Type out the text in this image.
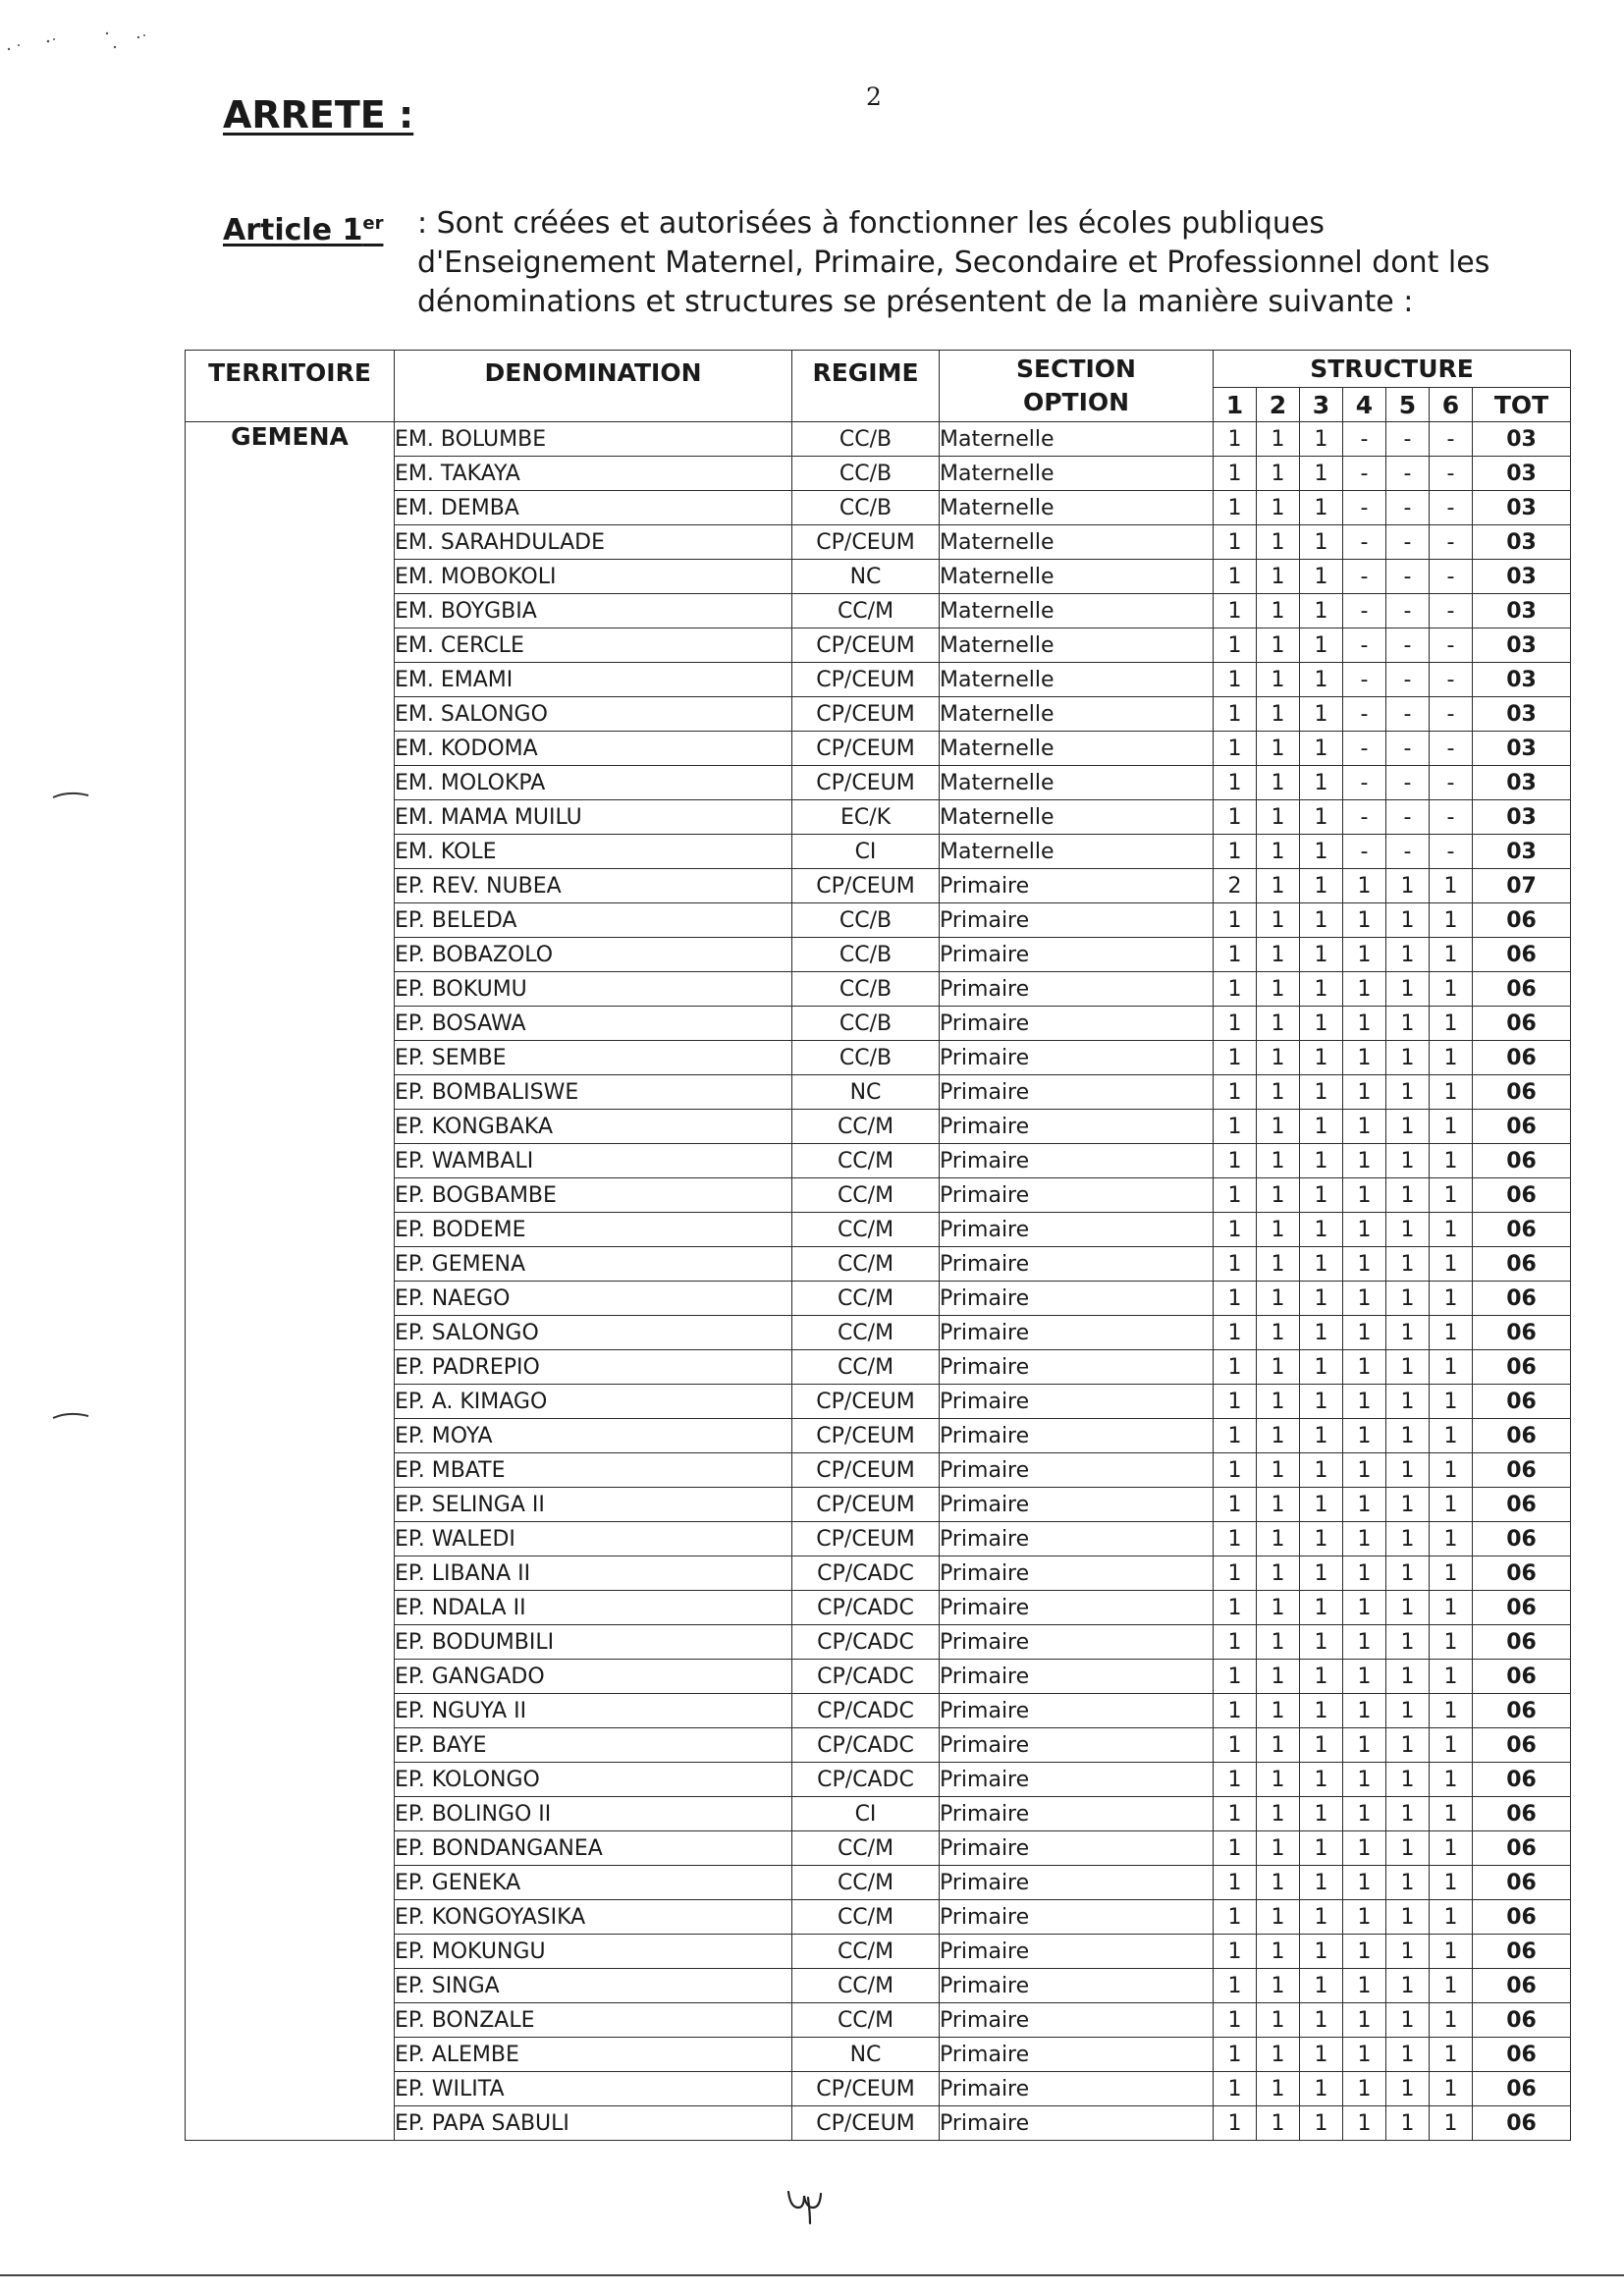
2
ARRETE :
Article 1er : Sont créées et autorisées à fonctionner les écoles publiques d'Enseignement Maternel, Primaire, Secondaire et Professionnel dont les dénominations et structures se présentent de la manière suivante :
TERRITOIRE	DENOMINATION	REGIME	SECTION
OPTION	STRUCTURE						
				1	2	3	4	5	6	TOT
GEMENA	EM. BOLUMBE	CC/B	Maternelle	1	1	1	-	-	-	03
	EM. TAKAYA	CC/B	Maternelle	1	1	1	-	-	-	03
	EM. DEMBA	CC/B	Maternelle	1	1	1	-	-	-	03
	EM. SARAHDULADE	CP/CEUM	Maternelle	1	1	1	-	-	-	03
	EM. MOBOKOLI	NC	Maternelle	1	1	1	-	-	-	03
	EM. BOYGBIA	CC/M	Maternelle	1	1	1	-	-	-	03
	EM. CERCLE	CP/CEUM	Maternelle	1	1	1	-	-	-	03
	EM. EMAMI	CP/CEUM	Maternelle	1	1	1	-	-	-	03
	EM. SALONGO	CP/CEUM	Maternelle	1	1	1	-	-	-	03
	EM. KODOMA	CP/CEUM	Maternelle	1	1	1	-	-	-	03
	EM. MOLOKPA	CP/CEUM	Maternelle	1	1	1	-	-	-	03
	EM. MAMA MUILU	EC/K	Maternelle	1	1	1	-	-	-	03
	EM. KOLE	CI	Maternelle	1	1	1	-	-	-	03
	EP. REV. NUBEA	CP/CEUM	Primaire	2	1	1	1	1	1	07
	EP. BELEDA	CC/B	Primaire	1	1	1	1	1	1	06
	EP. BOBAZOLO	CC/B	Primaire	1	1	1	1	1	1	06
	EP. BOKUMU	CC/B	Primaire	1	1	1	1	1	1	06
	EP. BOSAWA	CC/B	Primaire	1	1	1	1	1	1	06
	EP. SEMBE	CC/B	Primaire	1	1	1	1	1	1	06
	EP. BOMBALISWE	NC	Primaire	1	1	1	1	1	1	06
	EP. KONGBAKA	CC/M	Primaire	1	1	1	1	1	1	06
	EP. WAMBALI	CC/M	Primaire	1	1	1	1	1	1	06
	EP. BOGBAMBE	CC/M	Primaire	1	1	1	1	1	1	06
	EP. BODEME	CC/M	Primaire	1	1	1	1	1	1	06
	EP. GEMENA	CC/M	Primaire	1	1	1	1	1	1	06
	EP. NAEGO	CC/M	Primaire	1	1	1	1	1	1	06
	EP. SALONGO	CC/M	Primaire	1	1	1	1	1	1	06
	EP. PADREPIO	CC/M	Primaire	1	1	1	1	1	1	06
	EP. A. KIMAGO	CP/CEUM	Primaire	1	1	1	1	1	1	06
	EP. MOYA	CP/CEUM	Primaire	1	1	1	1	1	1	06
	EP. MBATE	CP/CEUM	Primaire	1	1	1	1	1	1	06
	EP. SELINGA II	CP/CEUM	Primaire	1	1	1	1	1	1	06
	EP. WALEDI	CP/CEUM	Primaire	1	1	1	1	1	1	06
	EP. LIBANA II	CP/CADC	Primaire	1	1	1	1	1	1	06
	EP. NDALA II	CP/CADC	Primaire	1	1	1	1	1	1	06
	EP. BODUMBILI	CP/CADC	Primaire	1	1	1	1	1	1	06
	EP. GANGADO	CP/CADC	Primaire	1	1	1	1	1	1	06
	EP. NGUYA II	CP/CADC	Primaire	1	1	1	1	1	1	06
	EP. BAYE	CP/CADC	Primaire	1	1	1	1	1	1	06
	EP. KOLONGO	CP/CADC	Primaire	1	1	1	1	1	1	06
	EP. BOLINGO II	CI	Primaire	1	1	1	1	1	1	06
	EP. BONDANGANEA	CC/M	Primaire	1	1	1	1	1	1	06
	EP. GENEKA	CC/M	Primaire	1	1	1	1	1	1	06
	EP. KONGOYASIKA	CC/M	Primaire	1	1	1	1	1	1	06
	EP. MOKUNGU	CC/M	Primaire	1	1	1	1	1	1	06
	EP. SINGA	CC/M	Primaire	1	1	1	1	1	1	06
	EP. BONZALE	CC/M	Primaire	1	1	1	1	1	1	06
	EP. ALEMBE	NC	Primaire	1	1	1	1	1	1	06
	EP. WILITA	CP/CEUM	Primaire	1	1	1	1	1	1	06
	EP. PAPA SABULI	CP/CEUM	Primaire	1	1	1	1	1	1	06
